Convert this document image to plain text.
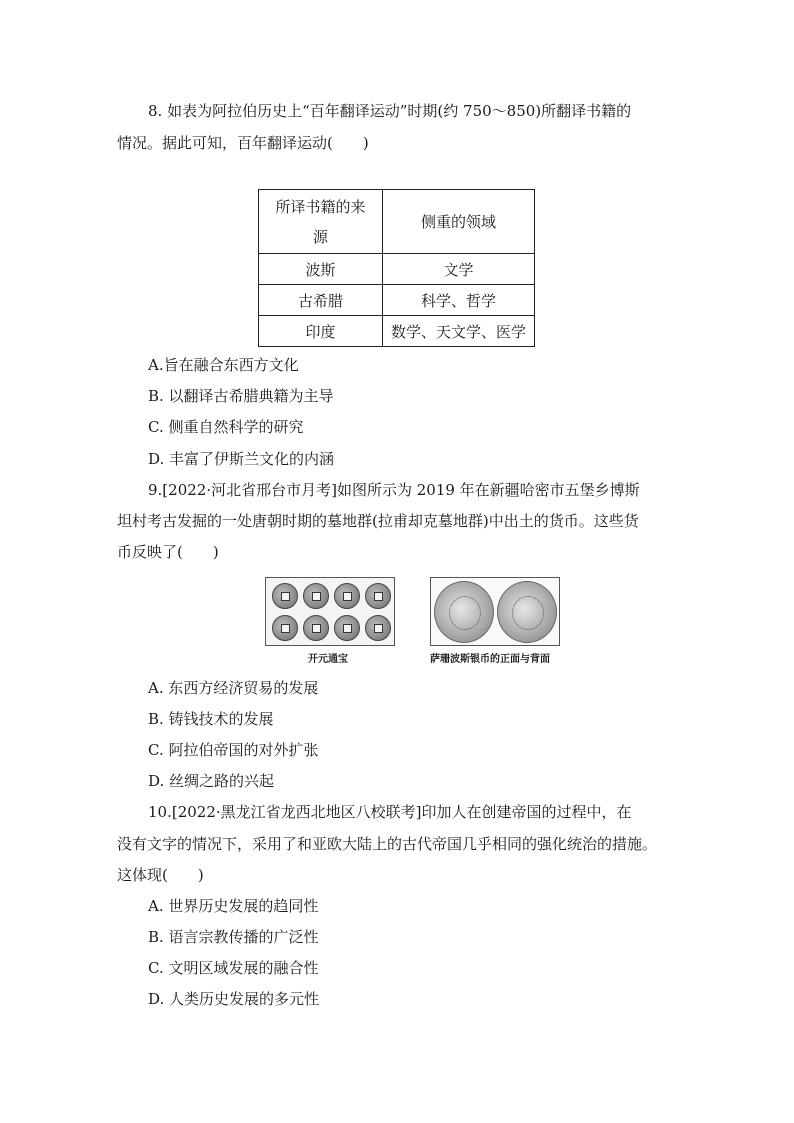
8. 如表为阿拉伯历史上“百年翻译运动”时期(约 750～850)所翻译书籍的
情况。据此可知，百年翻译运动(　　)
所译书籍的来
源	侧重的领域
波斯	文学
古希腊	科学、哲学
印度	数学、天文学、医学
A.旨在融合东西方文化
B. 以翻译古希腊典籍为主导
C. 侧重自然科学的研究
D. 丰富了伊斯兰文化的内涵
9.[2022·河北省邢台市月考]如图所示为 2019 年在新疆哈密市五堡乡博斯
坦村考古发掘的一处唐朝时期的墓地群(拉甫却克墓地群)中出土的货币。这些货
币反映了(　　)
开元通宝	萨珊波斯银币的正面与背面
A. 东西方经济贸易的发展
B. 铸钱技术的发展
C. 阿拉伯帝国的对外扩张
D. 丝绸之路的兴起
10.[2022·黑龙江省龙西北地区八校联考]印加人在创建帝国的过程中，在
没有文字的情况下，采用了和亚欧大陆上的古代帝国几乎相同的强化统治的措施。
这体现(　　)
A. 世界历史发展的趋同性
B. 语言宗教传播的广泛性
C. 文明区域发展的融合性
D. 人类历史发展的多元性
